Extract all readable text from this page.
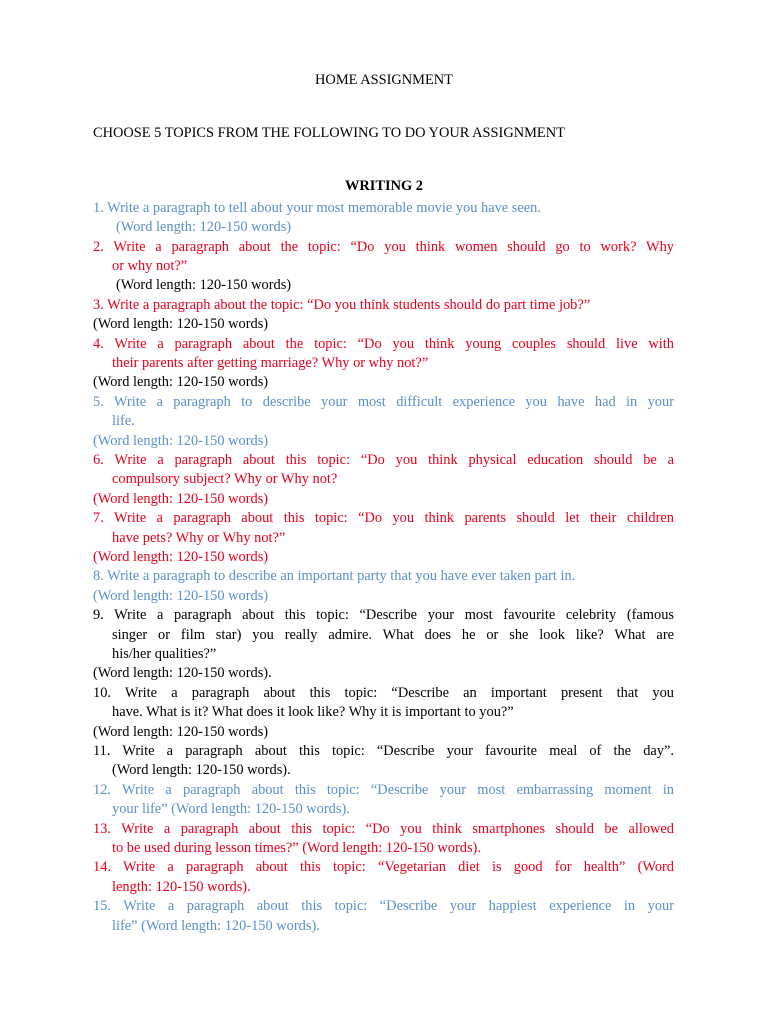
HOME ASSIGNMENT

CHOOSE 5 TOPICS FROM THE FOLLOWING TO DO YOUR ASSIGNMENT

WRITING 2

1. Write a paragraph to tell about your most memorable movie you have seen.

(Word length: 120-150 words)

2. Write a paragraph about the topic: “Do you think women should go to work? Why

or why not?”

(Word length: 120-150 words)

3. Write a paragraph about the topic: “Do you think students should do part time job?”

(Word length: 120-150 words)

4. Write a paragraph about the topic: “Do you think young couples should live with

their parents after getting marriage? Why or why not?”

(Word length: 120-150 words)

5. Write a paragraph to describe your most difficult experience you have had in your

life.

(Word length: 120-150 words)

6. Write a paragraph about this topic: “Do you think physical education should be a

compulsory subject? Why or Why not?

(Word length: 120-150 words)

7. Write a paragraph about this topic: “Do you think parents should let their children

have pets? Why or Why not?”

(Word length: 120-150 words)

8. Write a paragraph to describe an important party that you have ever taken part in.

(Word length: 120-150 words)

9. Write a paragraph about this topic: “Describe your most favourite celebrity (famous

singer or film star) you really admire. What does he or she look like? What are

his/her qualities?”

(Word length: 120-150 words).

10. Write a paragraph about this topic: “Describe an important present that you

have. What is it? What does it look like? Why it is important to you?”

(Word length: 120-150 words)

11. Write a paragraph about this topic: “Describe your favourite meal of the day”.

(Word length: 120-150 words).

12. Write a paragraph about this topic: “Describe your most embarrassing moment in

your life” (Word length: 120-150 words).

13. Write a paragraph about this topic: “Do you think smartphones should be allowed

to be used during lesson times?” (Word length: 120-150 words).

14. Write a paragraph about this topic: “Vegetarian diet is good for health” (Word

length: 120-150 words).

15. Write a paragraph about this topic: “Describe your happiest experience in your

life” (Word length: 120-150 words).
